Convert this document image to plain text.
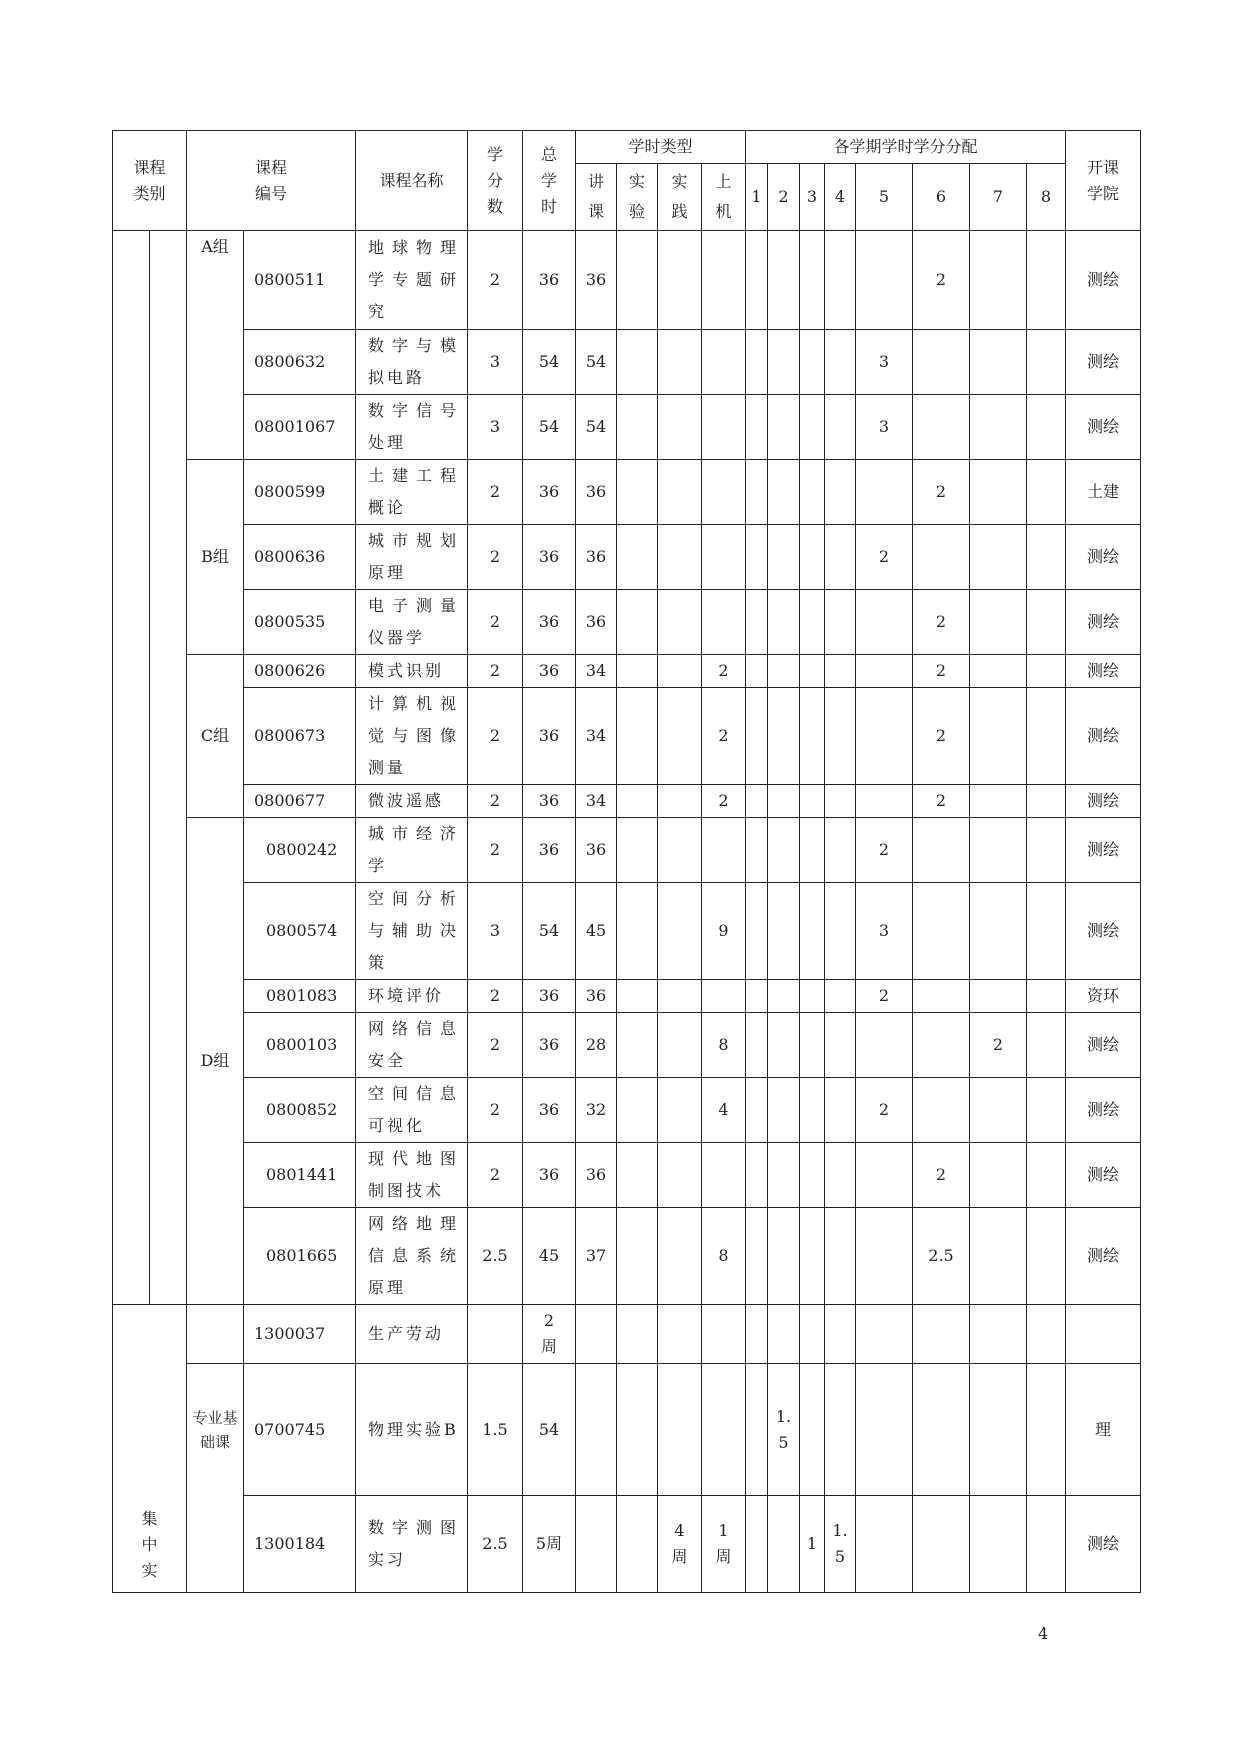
课程类别		课程编号		课程名称	学分数	总学时	学时类型				各学期学时学分分配								开课学院

							讲课	实验	实践	上机	1	2	3	4	5	6	7	8	

		A组	0800511	地球物理学专题研究	2	36	36									2			测绘

			0800632	数字与模拟电路	3	54	54								3				测绘

			08001067	数字信号处理	3	54	54								3				测绘

		B组	0800599	土建工程概论	2	36	36									2			土建

			0800636	城市规划原理	2	36	36								2				测绘

			0800535	电子测量仪器学	2	36	36									2			测绘

		C组	0800626	模式识别	2	36	34			2						2			测绘

			0800673	计算机视觉与图像测量	2	36	34			2						2			测绘

			0800677	微波遥感	2	36	34			2						2			测绘

		D组	0800242	城市经济学	2	36	36								2				测绘

			0800574	空间分析与辅助决策	3	54	45			9					3				测绘

			0801083	环境评价	2	36	36								2				资环

			0800103	网络信息安全	2	36	28			8							2		测绘

			0800852	空间信息可视化	2	36	32			4					2				测绘

			0801441	现代地图制图技术	2	36	36									2			测绘

			0801665	网络地理信息系统原理	2.5	45	37			8						2.5			测绘

集中实			1300037	生产劳动		2周													

		专业基础课	0700745	物理实验B	1.5	54						1.5							理

			1300184	数字测图实习	2.5	5周			4周	1周			1	1.5					测绘
4
